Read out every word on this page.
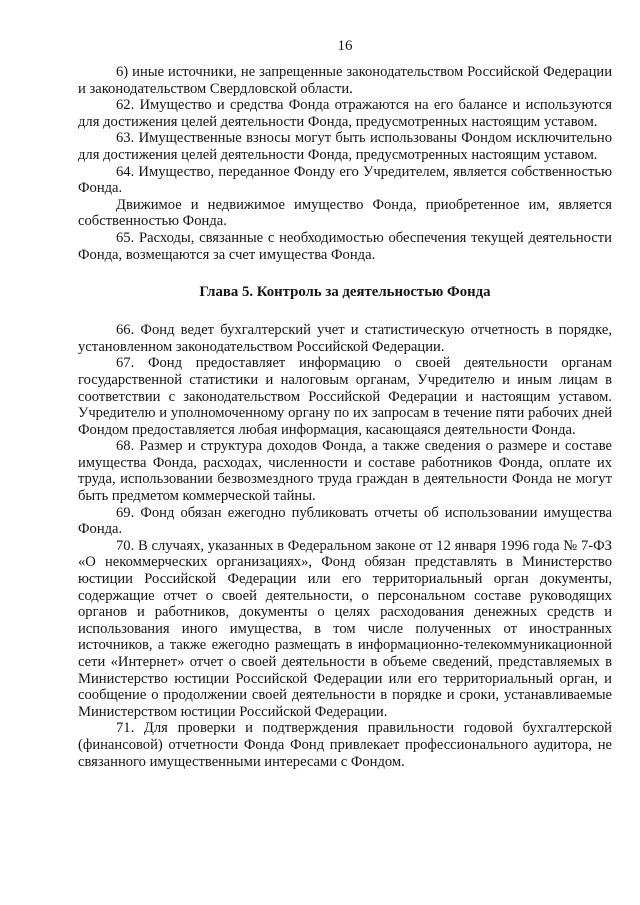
16

6) иные источники, не запрещенные законодательством Российской Федерации и законодательством Свердловской области.

62. Имущество и средства Фонда отражаются на его балансе и используются для достижения целей деятельности Фонда, предусмотренных настоящим уставом.

63. Имущественные взносы могут быть использованы Фондом исключительно для достижения целей деятельности Фонда, предусмотренных настоящим уставом.

64. Имущество, переданное Фонду его Учредителем, является собственностью Фонда.

Движимое и недвижимое имущество Фонда, приобретенное им, является собственностью Фонда.

65. Расходы, связанные с необходимостью обеспечения текущей деятельности Фонда, возмещаются за счет имущества Фонда.

Глава 5. Контроль за деятельностью Фонда

66. Фонд ведет бухгалтерский учет и статистическую отчетность в порядке, установленном законодательством Российской Федерации.

67. Фонд предоставляет информацию о своей деятельности органам государственной статистики и налоговым органам, Учредителю и иным лицам в соответствии с законодательством Российской Федерации и настоящим уставом. Учредителю и уполномоченному органу по их запросам в течение пяти рабочих дней Фондом предоставляется любая информация, касающаяся деятельности Фонда.

68. Размер и структура доходов Фонда, а также сведения о размере и составе имущества Фонда, расходах, численности и составе работников Фонда, оплате их труда, использовании безвозмездного труда граждан в деятельности Фонда не могут быть предметом коммерческой тайны.

69. Фонд обязан ежегодно публиковать отчеты об использовании имущества Фонда.

70. В случаях, указанных в Федеральном законе от 12 января 1996 года № 7-ФЗ «О некоммерческих организациях», Фонд обязан представлять в Министерство юстиции Российской Федерации или его территориальный орган документы, содержащие отчет о своей деятельности, о персональном составе руководящих органов и работников, документы о целях расходования денежных средств и использования иного имущества, в том числе полученных от иностранных источников, а также ежегодно размещать в информационно-телекоммуникационной сети «Интернет» отчет о своей деятельности в объеме сведений, представляемых в Министерство юстиции Российской Федерации или его территориальный орган, и сообщение о продолжении своей деятельности в порядке и сроки, устанавливаемые Министерством юстиции Российской Федерации.

71. Для проверки и подтверждения правильности годовой бухгалтерской (финансовой) отчетности Фонда Фонд привлекает профессионального аудитора, не связанного имущественными интересами с Фондом.
